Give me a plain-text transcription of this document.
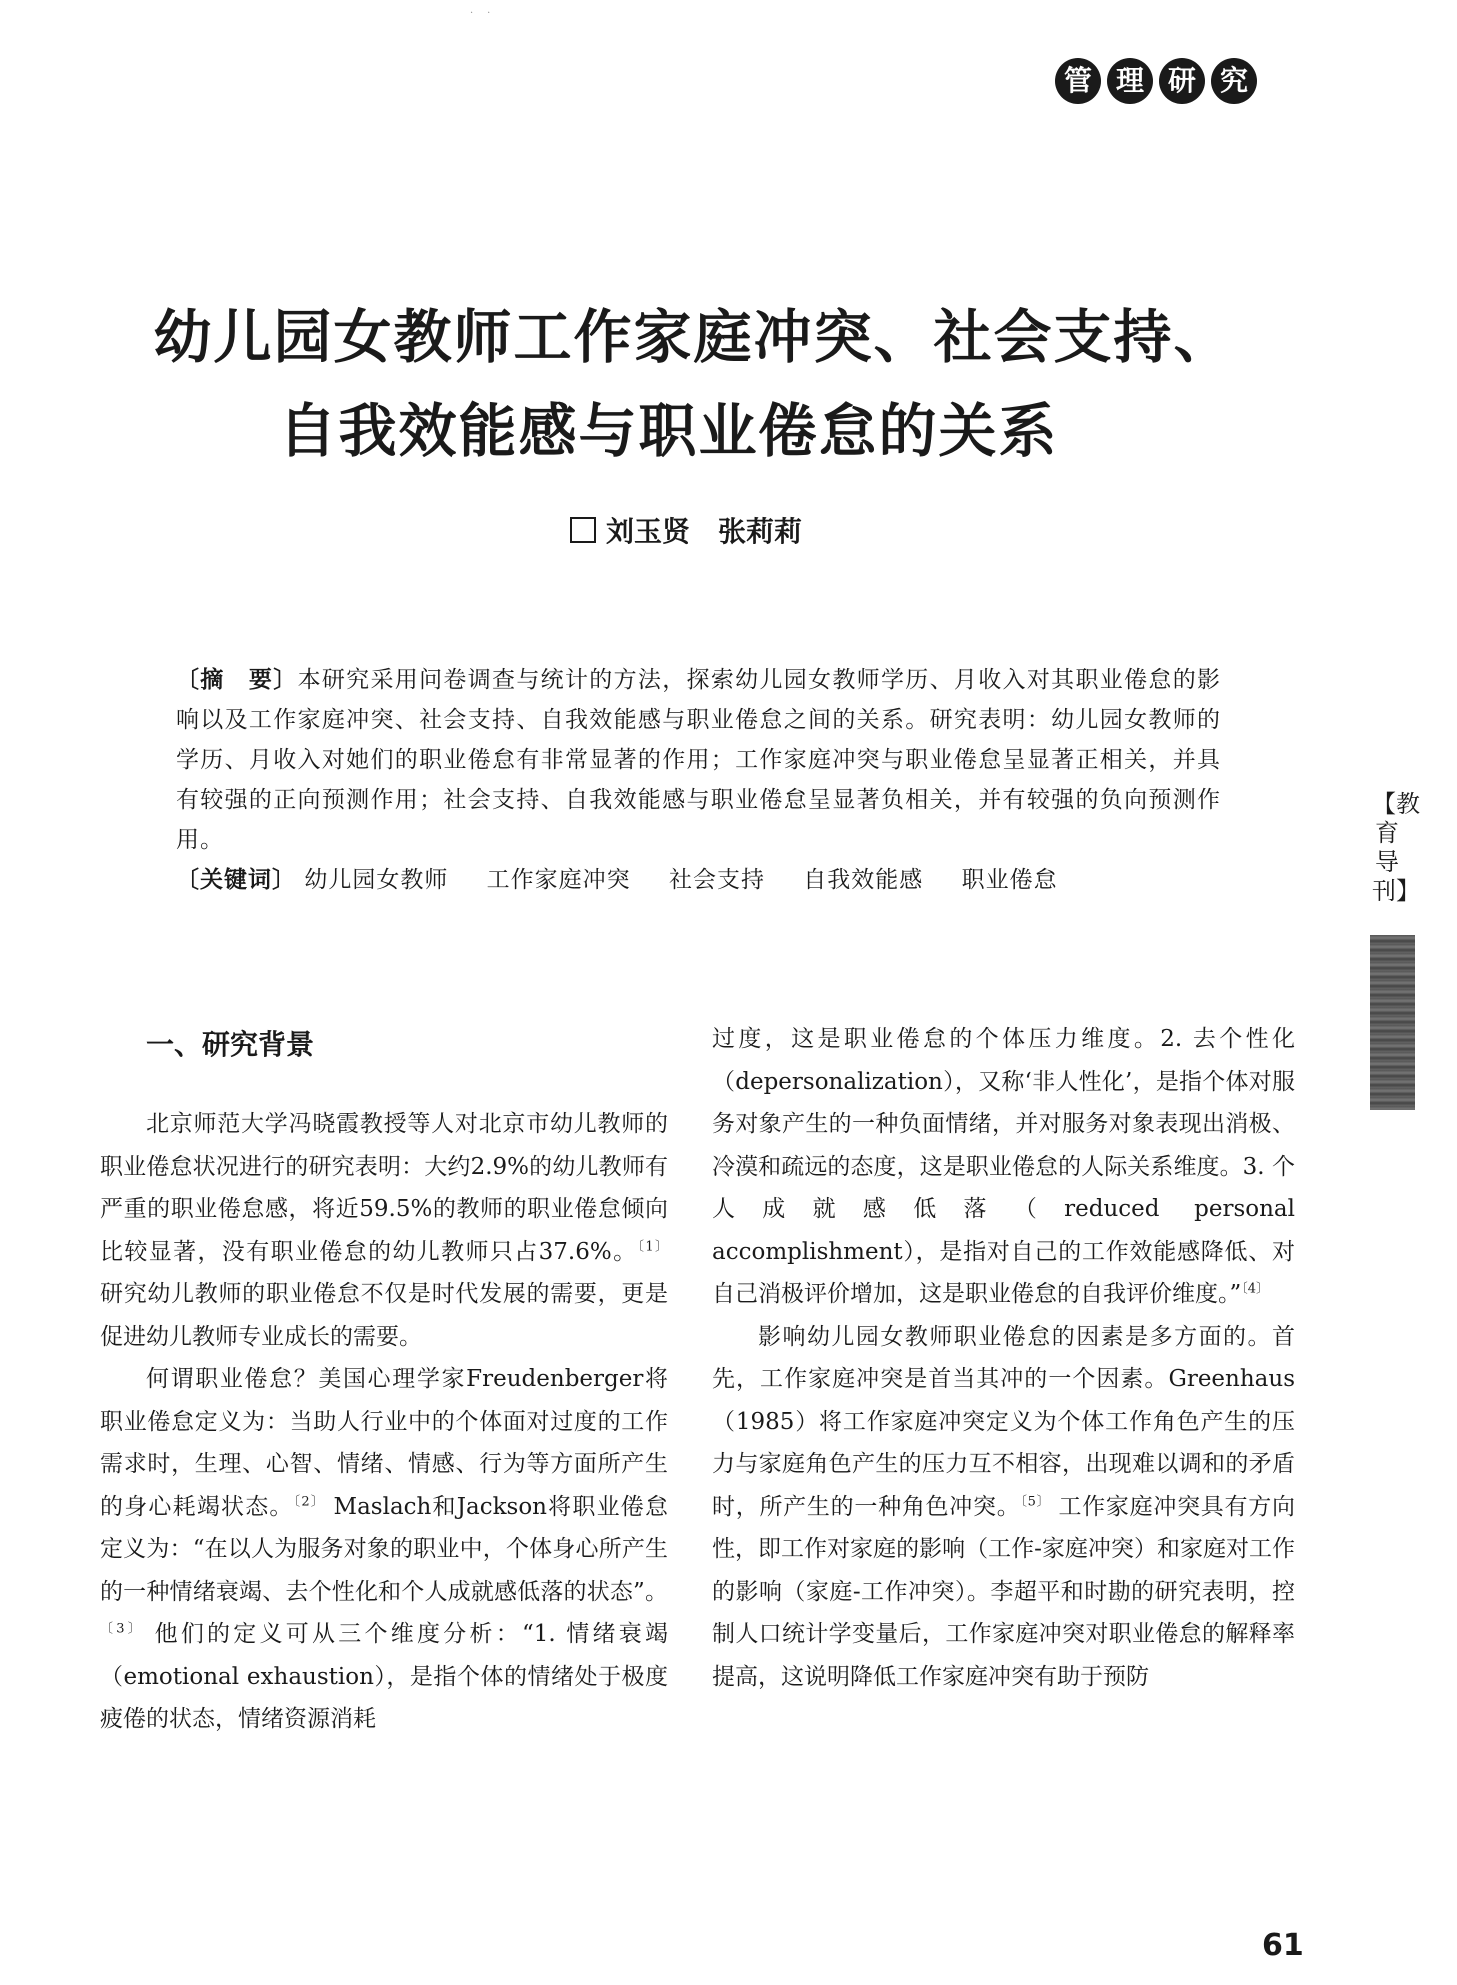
··
管 理 研 究
幼儿园女教师工作家庭冲突、社会支持、
自我效能感与职业倦怠的关系
刘玉贤　张莉莉

〔摘　要〕本研究采用问卷调查与统计的方法，探索幼儿园女教师学历、月收入对其职业倦怠的影响以及工作家庭冲突、社会支持、自我效能感与职业倦怠之间的关系。研究表明：幼儿园女教师的学历、月收入对她们的职业倦怠有非常显著的作用；工作家庭冲突与职业倦怠呈显著正相关，并具有较强的正向预测作用；社会支持、自我效能感与职业倦怠呈显著负相关，并有较强的负向预测作用。

〔关键词〕 幼儿园女教师 工作家庭冲突 社会支持 自我效能感 职业倦怠

一、研究背景

北京师范大学冯晓霞教授等人对北京市幼儿教师的职业倦怠状况进行的研究表明：大约2.9%的幼儿教师有严重的职业倦怠感，将近59.5%的教师的职业倦怠倾向比较显著，没有职业倦怠的幼儿教师只占37.6%。$^{〔1〕}$ 研究幼儿教师的职业倦怠不仅是时代发展的需要，更是促进幼儿教师专业成长的需要。

何谓职业倦怠？美国心理学家Freudenberger将职业倦怠定义为：当助人行业中的个体面对过度的工作需求时，生理、心智、情绪、情感、行为等方面所产生的身心耗竭状态。$^{〔2〕}$ Maslach和Jackson将职业倦怠定义为：“在以人为服务对象的职业中，个体身心所产生的一种情绪衰竭、去个性化和个人成就感低落的状态”。$^{〔3〕}$ 他们的定义可从三个维度分析：“1. 情绪衰竭（emotional exhaustion），是指个体的情绪处于极度疲倦的状态，情绪资源消耗

过度，这是职业倦怠的个体压力维度。2. 去个性化（depersonalization），又称‘非人性化’，是指个体对服务对象产生的一种负面情绪，并对服务对象表现出消极、冷漠和疏远的态度，这是职业倦怠的人际关系维度。3. 个人成就感低落（reduced personal accomplishment），是指对自己的工作效能感降低、对自己消极评价增加，这是职业倦怠的自我评价维度。”$^{〔4〕}$

影响幼儿园女教师职业倦怠的因素是多方面的。首先，工作家庭冲突是首当其冲的一个因素。Greenhaus（1985）将工作家庭冲突定义为个体工作角色产生的压力与家庭角色产生的压力互不相容，出现难以调和的矛盾时，所产生的一种角色冲突。$^{〔5〕}$ 工作家庭冲突具有方向性，即工作对家庭的影响（工作-家庭冲突）和家庭对工作的影响（家庭-工作冲突）。李超平和时勘的研究表明，控制人口统计学变量后，工作家庭冲突对职业倦怠的解释率提高，这说明降低工作家庭冲突有助于预防

【教育导刊】
61
